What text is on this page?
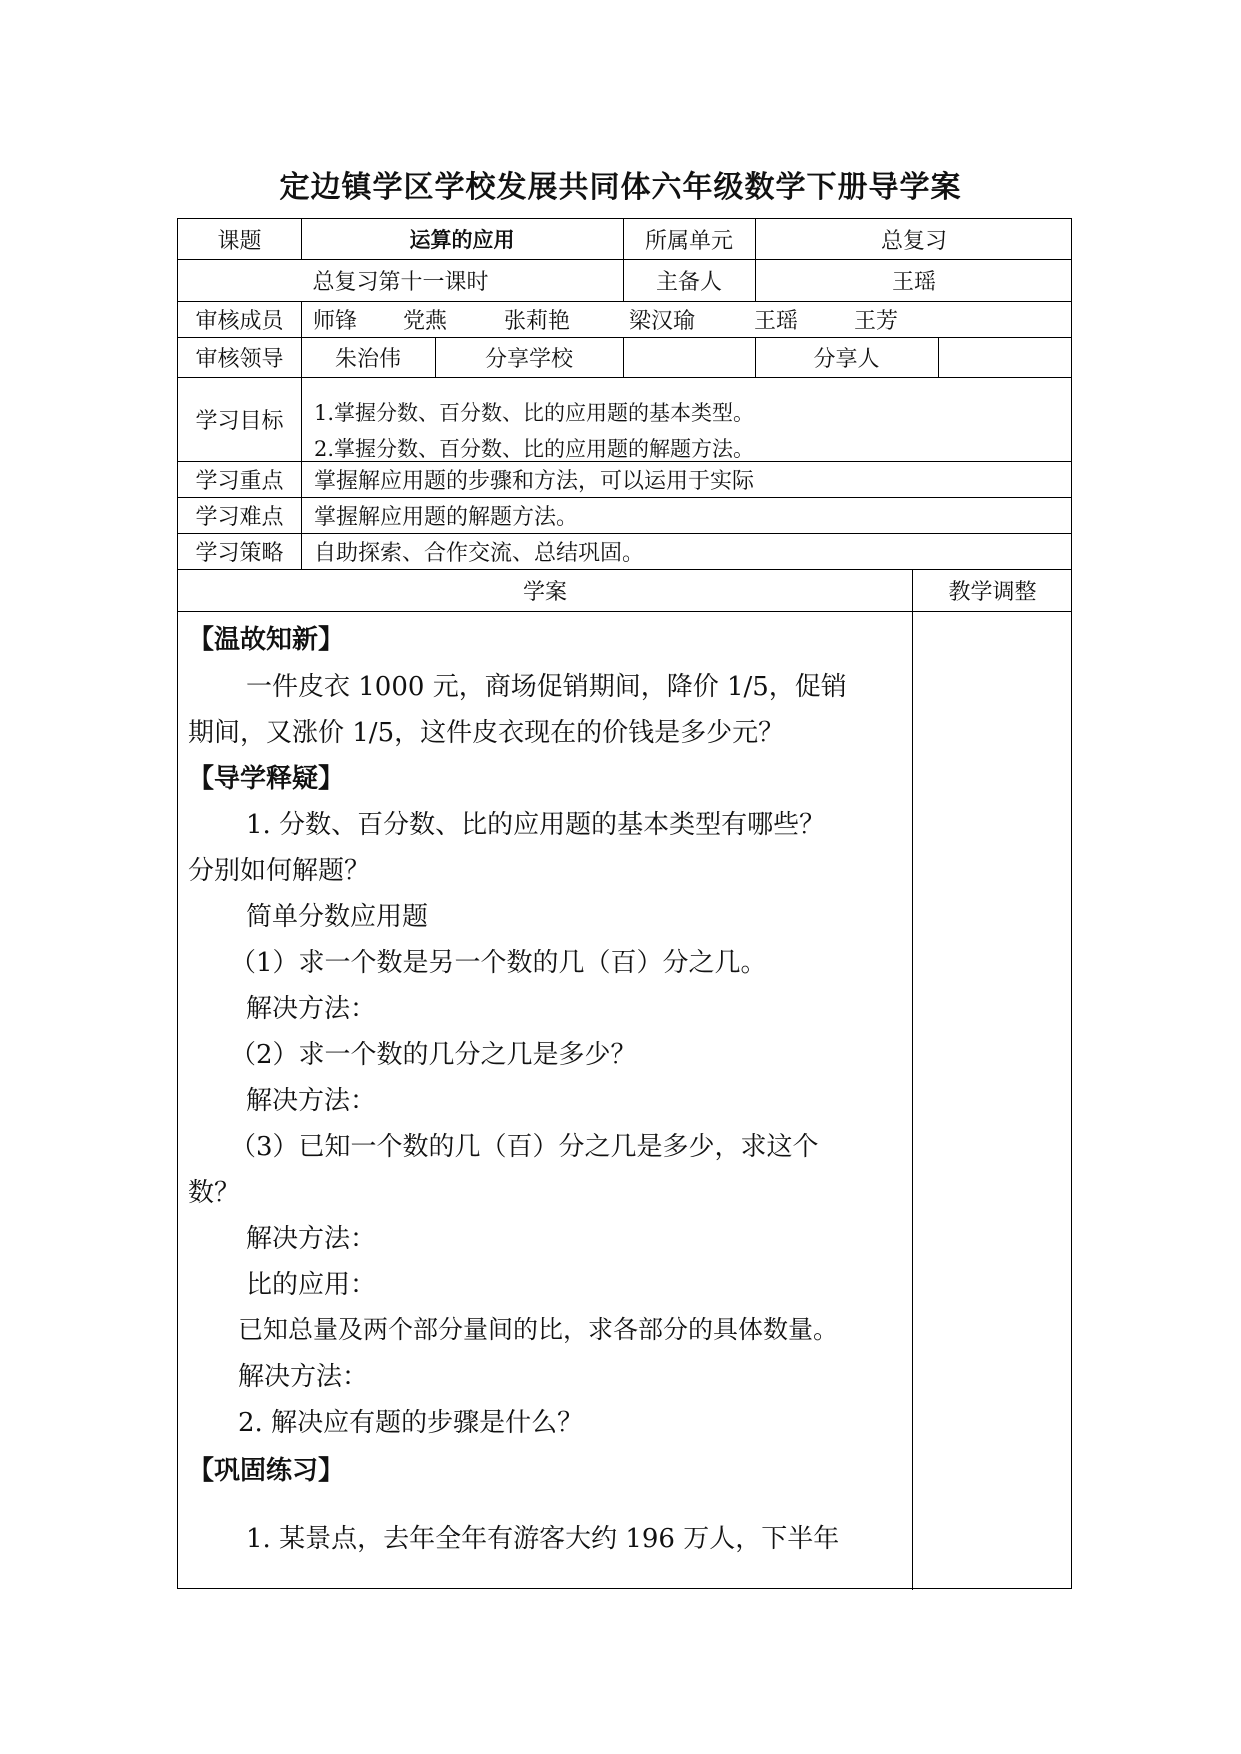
定边镇学区学校发展共同体六年级数学下册导学案
课题	运算的应用	所属单元	总复习
总复习第十一课时	主备人	王瑶
审核成员	师锋 党燕	张莉艳	梁汉瑜	王瑶	王芳
审核领导	朱治伟	分享学校	分享人
学习目标	1.掌握分数、百分数、比的应用题的基本类型。
2.掌握分数、百分数、比的应用题的解题方法。
学习重点	掌握解应用题的步骤和方法，可以运用于实际
学习难点	掌握解应用题的解题方法。
学习策略	自助探索、合作交流、总结巩固。
学案	教学调整
【温故知新】
一件皮衣 1000 元，商场促销期间，降价 1/5，促销
期间，又涨价 1/5，这件皮衣现在的价钱是多少元？
【导学释疑】
1. 分数、百分数、比的应用题的基本类型有哪些？
分别如何解题？
简单分数应用题
（1）求一个数是另一个数的几（百）分之几。
解决方法：
（2）求一个数的几分之几是多少？
解决方法：
（3）已知一个数的几（百）分之几是多少，求这个
数？
解决方法：
比的应用：
已知总量及两个部分量间的比，求各部分的具体数量。
解决方法：
2. 解决应有题的步骤是什么？
【巩固练习】
1. 某景点，去年全年有游客大约 196 万人，下半年
